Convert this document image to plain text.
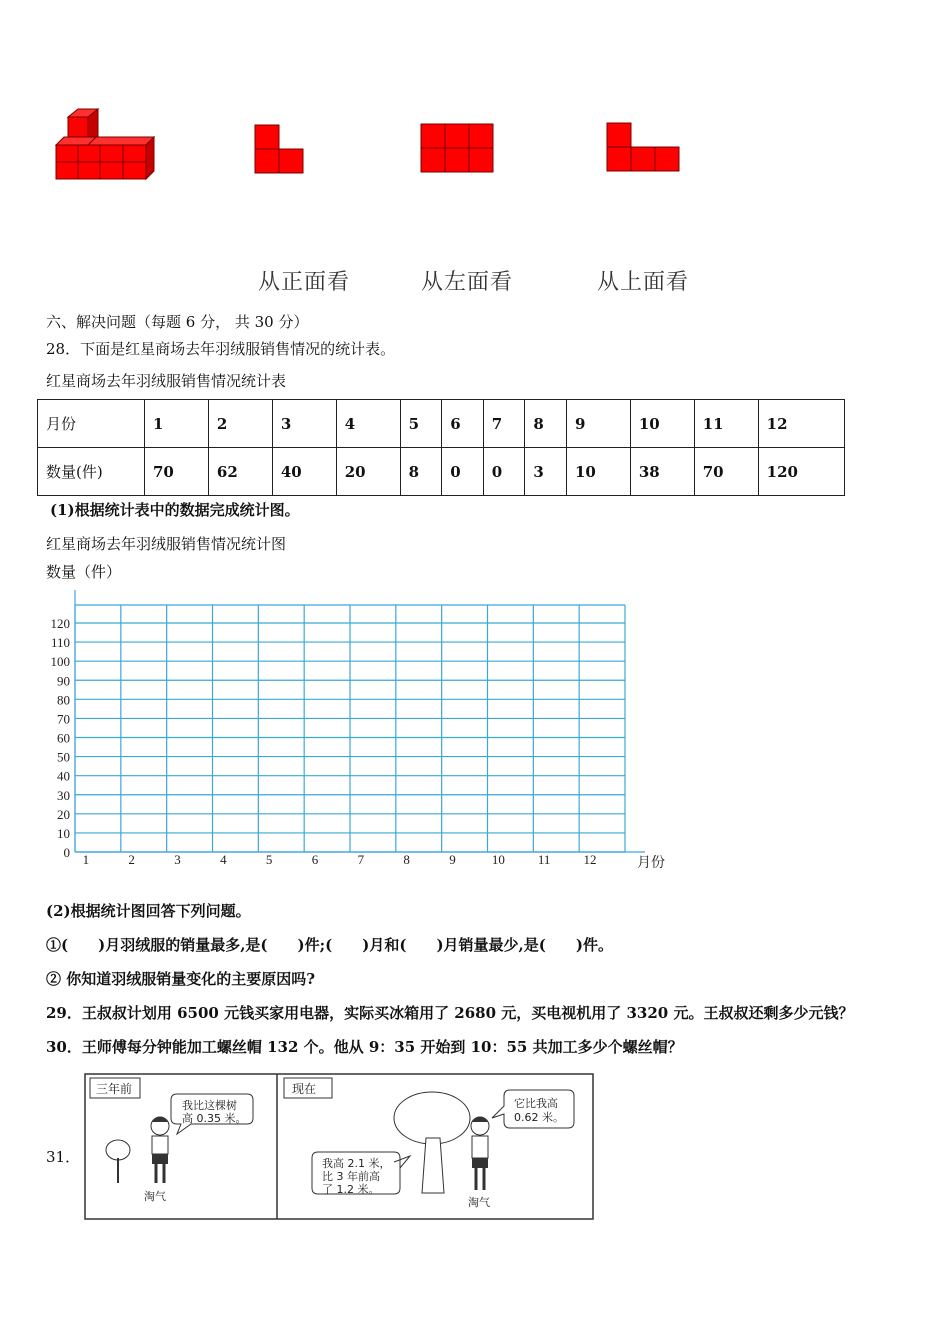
从正面看	从左面看	从上面看
六、解决问题（每题 6 分， 共 30 分）
28．下面是红星商场去年羽绒服销售情况的统计表。
红星商场去年羽绒服销售情况统计表
月份	1	2	3	4	5	6	7	8	9	10	11	12
数量(件)	70	62	40	20	8	0	0	3	10	38	70	120
(1)根据统计表中的数据完成统计图。
红星商场去年羽绒服销售情况统计图
数量（件）
0
10
20
30
40
50
60
70
80
90
100
110
120
1	2	3	4	5	6	7	8	9	10	11	12	月份
(2)根据统计图回答下列问题。
①(　　)月羽绒服的销量最多,是(　　)件;(　　)月和(　　)月销量最少,是(　　)件。
② 你知道羽绒服销量变化的主要原因吗?
29．王叔叔计划用 6500 元钱买家用电器，实际买冰箱用了 2680 元，买电视机用了 3320 元。王叔叔还剩多少元钱？
30．王师傅每分钟能加工螺丝帽 132 个。他从 9：35 开始到 10：55 共加工多少个螺丝帽？
31．
三年前
我比这棵树
高 0.35 米。
淘气
现在
我高 2.1 米，
比 3 年前高
了 1.2 米。
它比我高
0.62 米。
淘气
